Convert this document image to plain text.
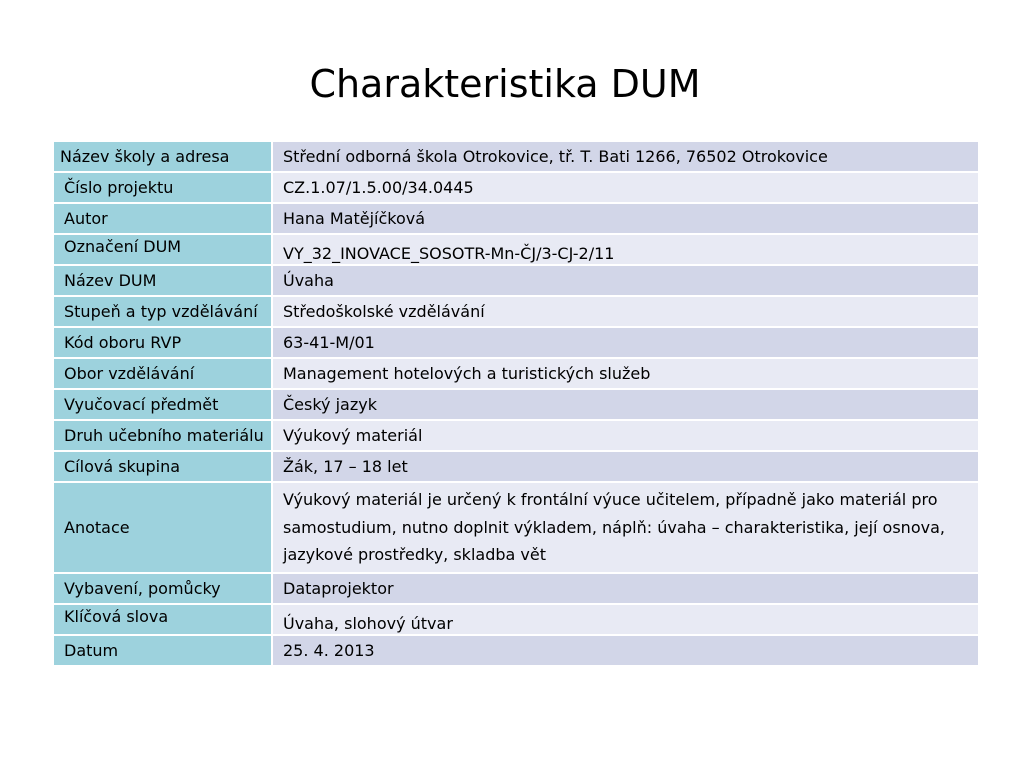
Charakteristika DUM
Název školy a adresa	Střední odborná škola Otrokovice, tř. T. Bati 1266, 76502 Otrokovice
Číslo projektu	CZ.1.07/1.5.00/34.0445
Autor	Hana Matějíčková
Označení DUM	VY_32_INOVACE_SOSOTR-Mn-ČJ/3-CJ-2/11
Název DUM	Úvaha
Stupeň a typ vzdělávání	Středoškolské vzdělávání
Kód oboru RVP	63-41-M/01
Obor vzdělávání	Management hotelových a turistických služeb
Vyučovací předmět	Český jazyk
Druh učebního materiálu	Výukový materiál
Cílová skupina	Žák, 17 – 18 let
Anotace	Výukový materiál je určený k frontální výuce učitelem, případně jako materiál pro samostudium, nutno doplnit výkladem, náplň: úvaha – charakteristika, její osnova, jazykové prostředky, skladba vět
Vybavení, pomůcky	Dataprojektor
Klíčová slova	Úvaha, slohový útvar
Datum	25. 4. 2013
